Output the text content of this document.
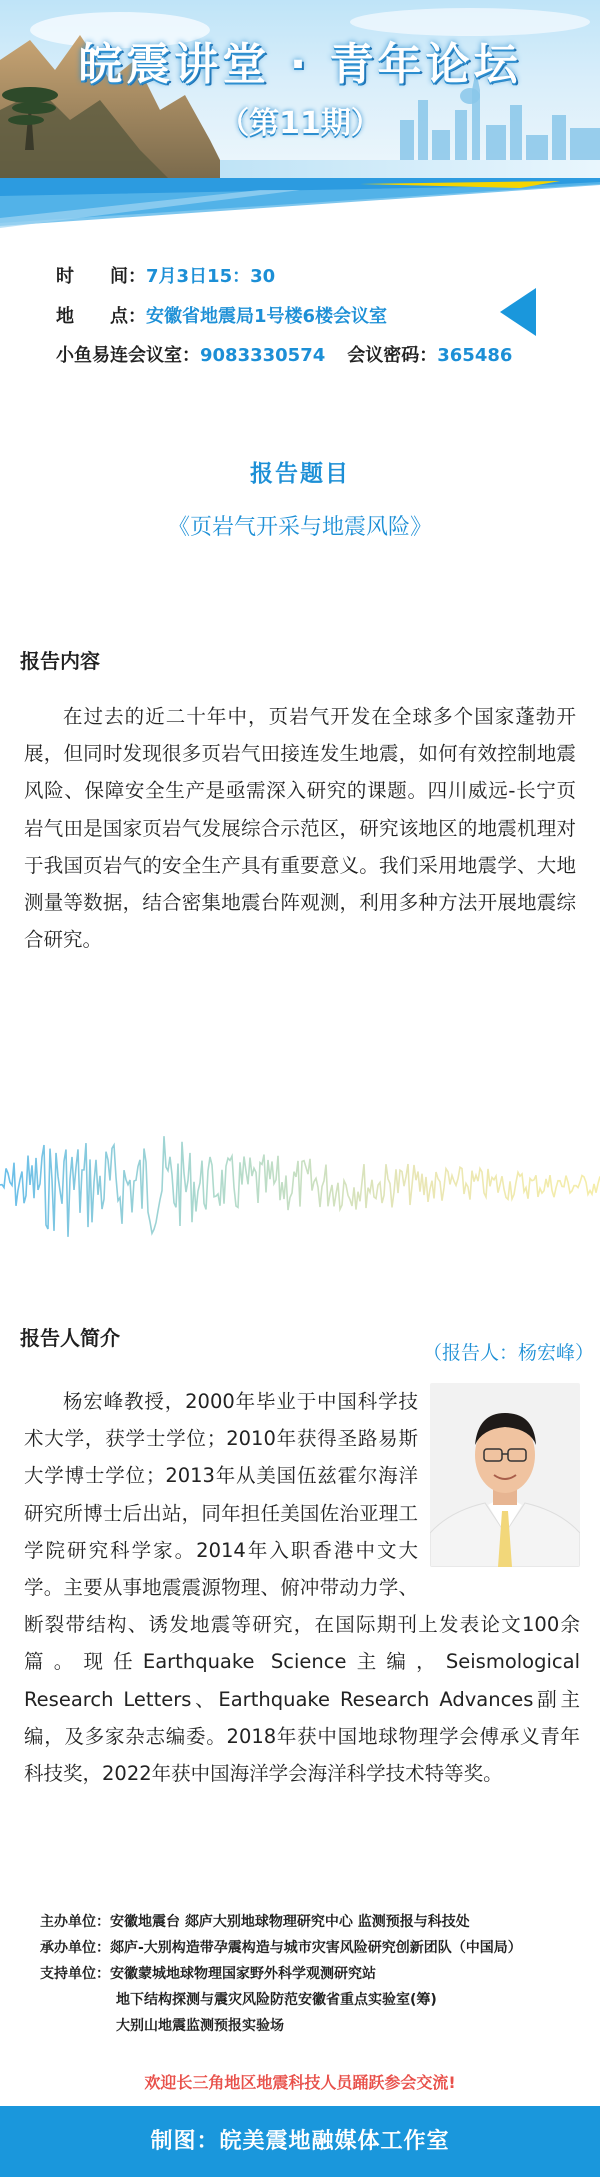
皖震讲堂 · 青年论坛
（第11期）
时　　间：7月3日15：30
地　　点：安徽省地震局1号楼6楼会议室
小鱼易连会议室：9083330574 会议密码：365486
报告题目
《页岩气开采与地震风险》
报告内容

在过去的近二十年中，页岩气开发在全球多个国家蓬勃开展，但同时发现很多页岩气田接连发生地震，如何有效控制地震风险、保障安全生产是亟需深入研究的课题。四川威远-长宁页岩气田是国家页岩气发展综合示范区，研究该地区的地震机理对于我国页岩气的安全生产具有重要意义。我们采用地震学、大地测量等数据，结合密集地震台阵观测，利用多种方法开展地震综合研究。

报告人简介
（报告人：杨宏峰）

杨宏峰教授，2000年毕业于中国科学技术大学，获学士学位；2010年获得圣路易斯大学博士学位；2013年从美国伍兹霍尔海洋研究所博士后出站，同年担任美国佐治亚理工学院研究科学家。2014年入职香港中文大学。主要从事地震震源物理、俯冲带动力学、断裂带结构、诱发地震等研究，在国际期刊上发表论文100余篇。现任Earthquake Science主编，Seismological Research Letters、Earthquake Research Advances副主编，及多家杂志编委。2018年获中国地球物理学会傅承义青年科技奖，2022年获中国海洋学会海洋科学技术特等奖。

主办单位：安徽地震台 郯庐大别地球物理研究中心 监测预报与科技处
承办单位：郯庐-大别构造带孕震构造与城市灾害风险研究创新团队（中国局）
支持单位：安徽蒙城地球物理国家野外科学观测研究站
地下结构探测与震灾风险防范安徽省重点实验室(筹)
大别山地震监测预报实验场
欢迎长三角地区地震科技人员踊跃参会交流!
制图：皖美震地融媒体工作室
